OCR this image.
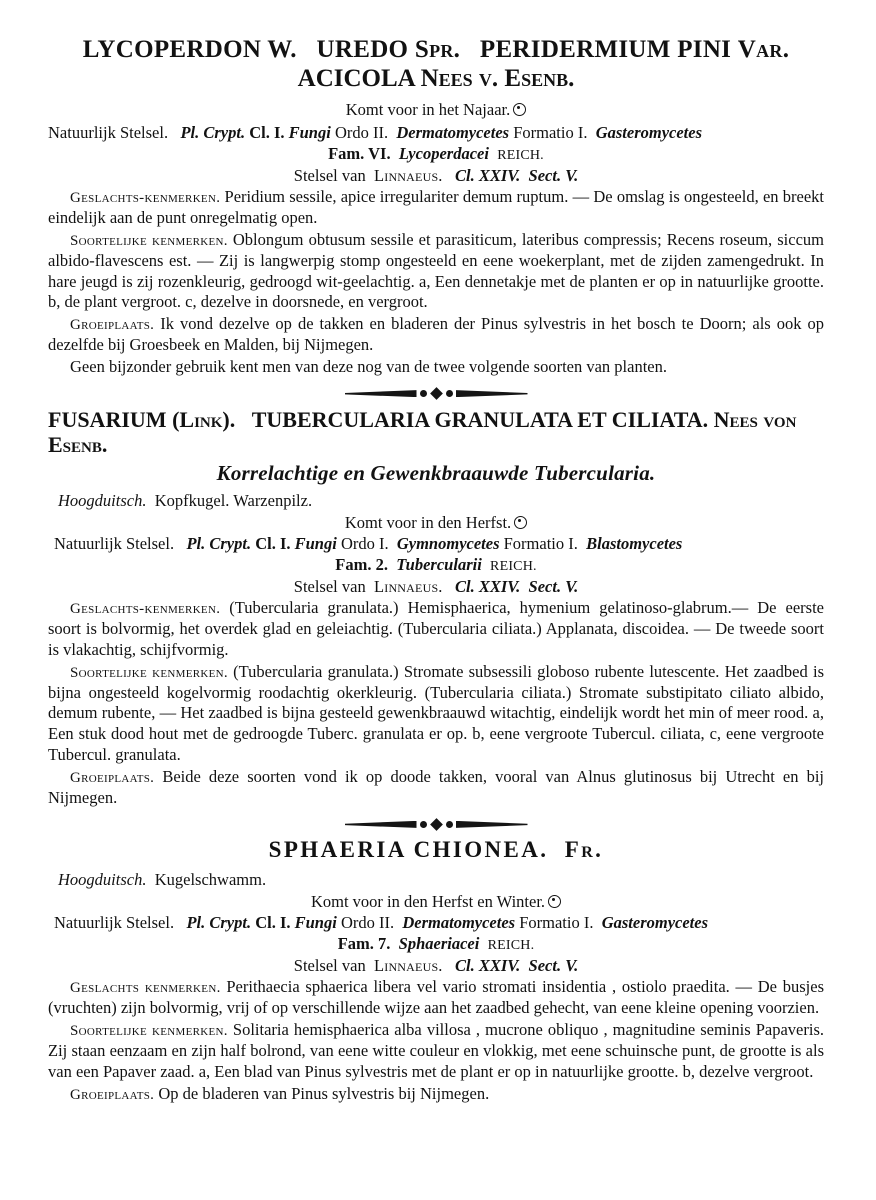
LYCOPERDON W. UREDO Spr. PERIDERMIUM PINI Var.
ACICOLA Nees v. Esenb.
Komt voor in het Najaar.
Natuurlijk Stelsel. Pl. Crypt. Cl. I. Fungi Ordo II. Dermatomycetes Formatio I. Gasteromycetes
Fam. VI. Lycoperdacei REICH.
Stelsel van Linnaeus. Cl. XXIV. Sect. V.
Geslachts-kenmerken. Peridium sessile, apice irregulariter demum ruptum. — De omslag is ongesteeld, en breekt eindelijk aan de punt onregelmatig open.
Soortelijke kenmerken. Oblongum obtusum sessile et parasiticum, lateribus compressis; Recens roseum, siccum albido-flavescens est. — Zij is langwerpig stomp ongesteeld en eene woekerplant, met de zijden zamengedrukt. In hare jeugd is zij rozenkleurig, gedroogd wit-geelachtig. a, Een dennetakje met de planten er op in natuurlijke grootte. b, de plant vergroot. c, dezelve in doorsnede, en vergroot.
Groeiplaats. Ik vond dezelve op de takken en bladeren der Pinus sylvestris in het bosch te Doorn; als ook op dezelfde bij Groesbeek en Malden, bij Nijmegen.
Geen bijzonder gebruik kent men van deze nog van de twee volgende soorten van planten.
FUSARIUM (Link). TUBERCULARIA GRANULATA ET CILIATA. Nees von Esenb.
Korrelachtige en Gewenkbraauwde Tubercularia.
Hoogduitsch. Kopfkugel. Warzenpilz.
Komt voor in den Herfst.
Natuurlijk Stelsel. Pl. Crypt. Cl. I. Fungi Ordo I. Gymnomycetes Formatio I. Blastomycetes
Fam. 2. Tubercularii REICH.
Stelsel van Linnaeus. Cl. XXIV. Sect. V.
Geslachts-kenmerken. (Tubercularia granulata.) Hemisphaerica, hymenium gelatinoso-glabrum.— De eerste soort is bolvormig, het overdek glad en geleiachtig. (Tubercularia ciliata.) Applanata, discoidea. — De tweede soort is vlakachtig, schijfvormig.
Soortelijke kenmerken. (Tubercularia granulata.) Stromate subsessili globoso rubente lutescente. Het zaadbed is bijna ongesteeld kogelvormig roodachtig okerkleurig. (Tubercularia ciliata.) Stromate substipitato ciliato albido, demum rubente, — Het zaadbed is bijna gesteeld gewenkbraauwd witachtig, eindelijk wordt het min of meer rood. a, Een stuk dood hout met de gedroogde Tuberc. granulata er op. b, eene vergroote Tubercul. ciliata, c, eene vergroote Tubercul. granulata.
Groeiplaats. Beide deze soorten vond ik op doode takken, vooral van Alnus glutinosus bij Utrecht en bij Nijmegen.
SPHAERIA CHIONEA. Fr.
Hoogduitsch. Kugelschwamm.
Komt voor in den Herfst en Winter.
Natuurlijk Stelsel. Pl. Crypt. Cl. I. Fungi Ordo II. Dermatomycetes Formatio I. Gasteromycetes
Fam. 7. Sphaeriacei REICH.
Stelsel van Linnaeus. Cl. XXIV. Sect. V.
Geslachts kenmerken. Perithaecia sphaerica libera vel vario stromati insidentia , ostiolo praedita. — De busjes (vruchten) zijn bolvormig, vrij of op verschillende wijze aan het zaadbed gehecht, van eene kleine opening voorzien.
Soortelijke kenmerken. Solitaria hemisphaerica alba villosa , mucrone obliquo , magnitudine seminis Papaveris. Zij staan eenzaam en zijn half bolrond, van eene witte couleur en vlokkig, met eene schuinsche punt, de grootte is als van een Papaver zaad. a, Een blad van Pinus sylvestris met de plant er op in natuurlijke grootte. b, dezelve vergroot.
Groeiplaats. Op de bladeren van Pinus sylvestris bij Nijmegen.
